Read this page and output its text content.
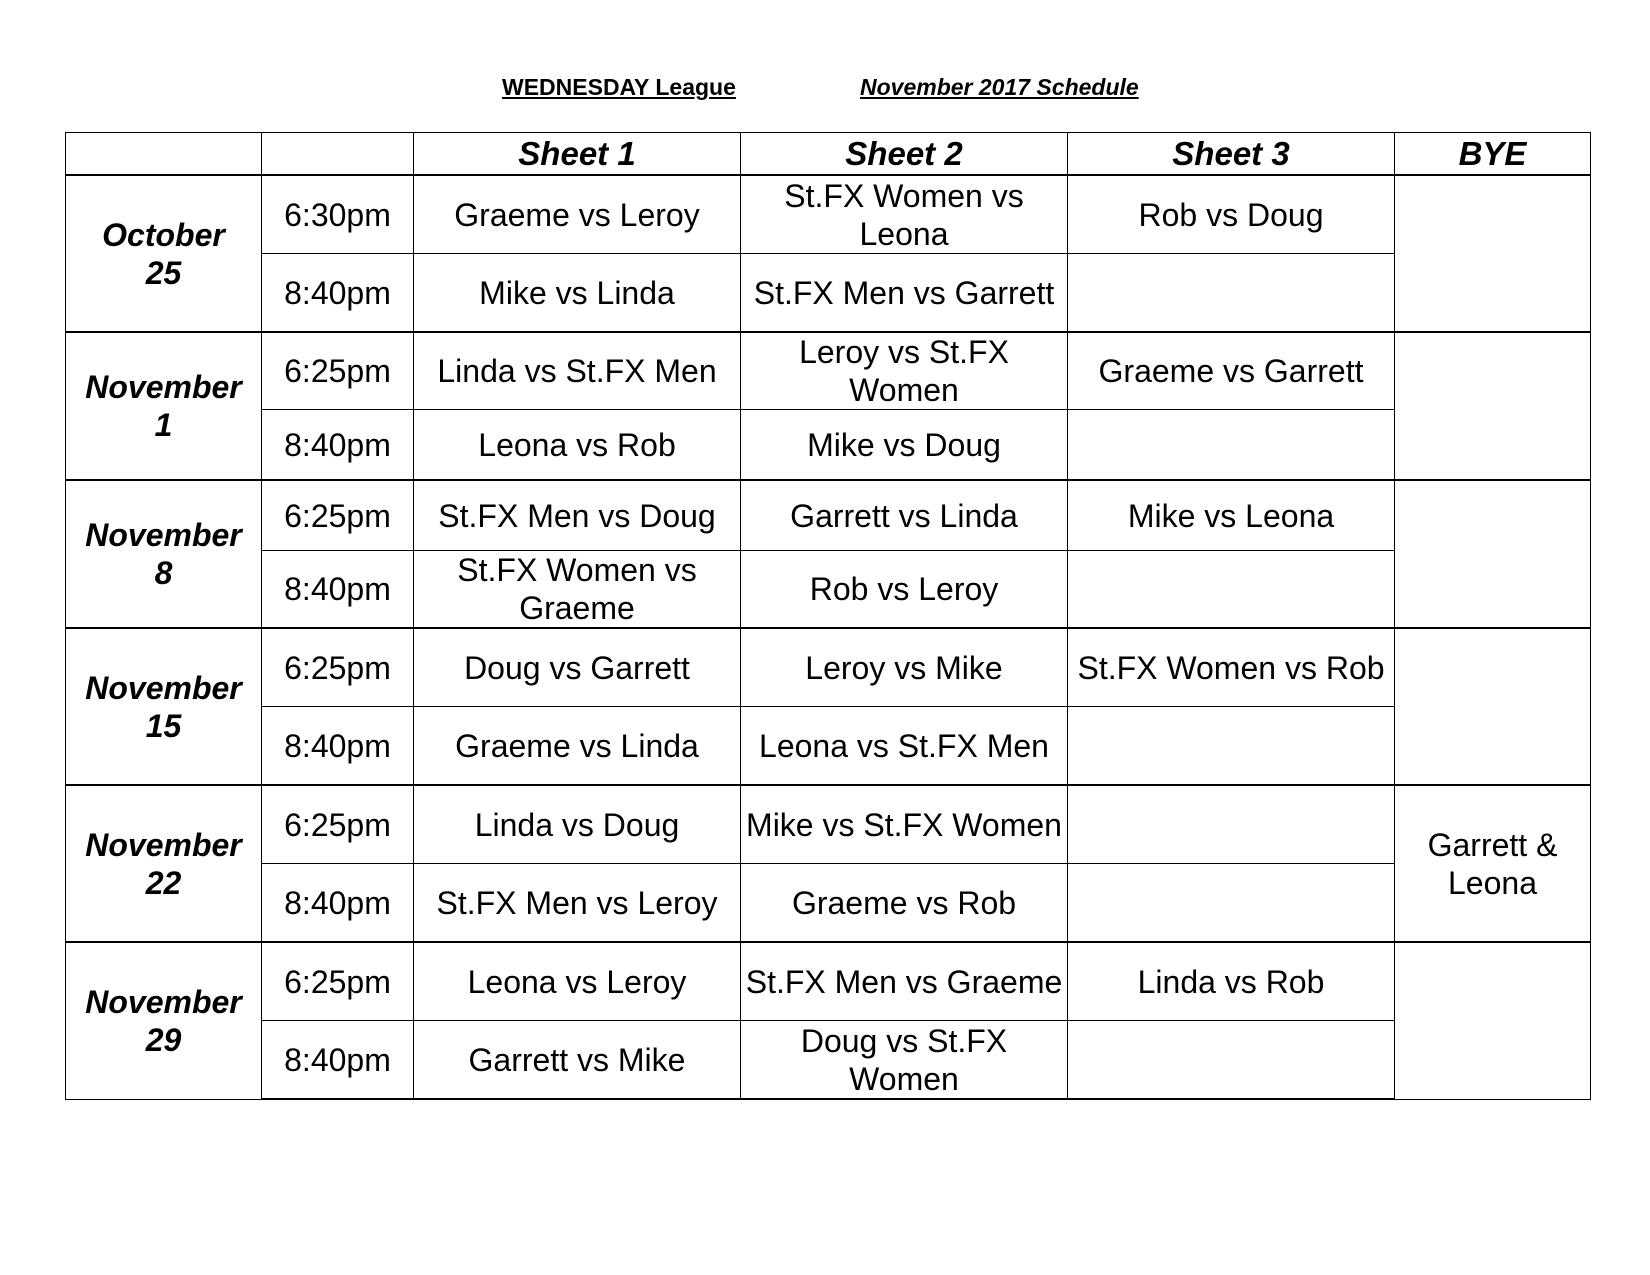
WEDNESDAY League	November 2017 Schedule
		Sheet 1	Sheet 2	Sheet 3	BYE

October
25	6:30pm	Graeme vs Leroy	St.FX Women vs Leona	Rob vs Doug	
	8:40pm	Mike vs Linda	St.FX Men vs Garrett		

November
1	6:25pm	Linda vs St.FX Men	Leroy vs St.FX Women	Graeme vs Garrett	
	8:40pm	Leona vs Rob	Mike vs Doug		

November
8	6:25pm	St.FX Men vs Doug	Garrett vs Linda	Mike vs Leona	
	8:40pm	St.FX Women vs Graeme	Rob vs Leroy		

November
15	6:25pm	Doug vs Garrett	Leroy vs Mike	St.FX Women vs Rob	
	8:40pm	Graeme vs Linda	Leona vs St.FX Men		

November
22	6:25pm	Linda vs Doug	Mike vs St.FX Women		Garrett & Leona
	8:40pm	St.FX Men vs Leroy	Graeme vs Rob		

November
29	6:25pm	Leona vs Leroy	St.FX Men vs Graeme	Linda vs Rob	
	8:40pm	Garrett vs Mike	Doug vs St.FX Women		
